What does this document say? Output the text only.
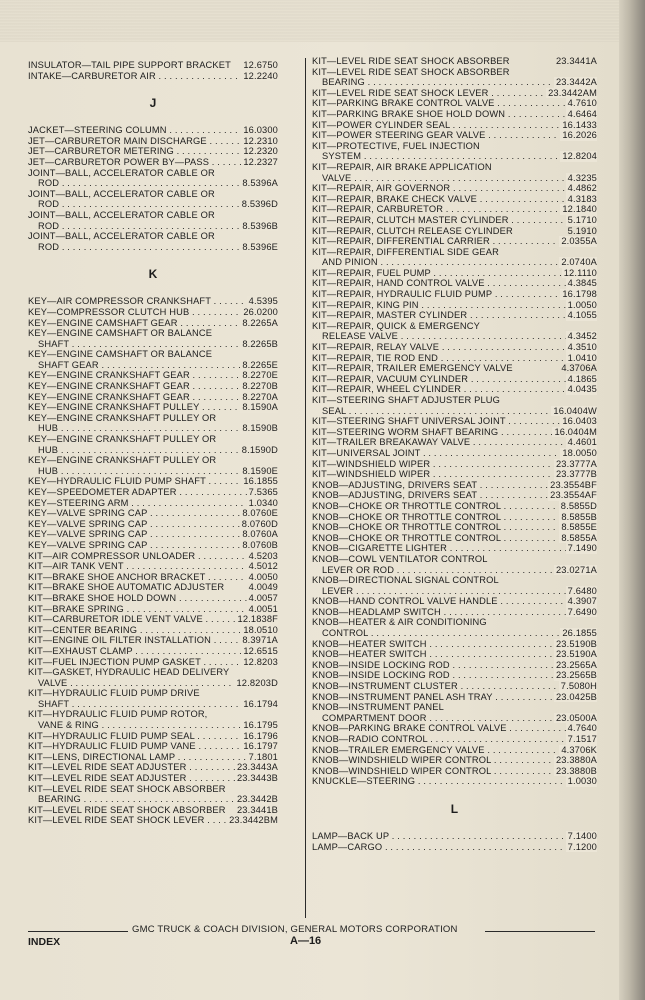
INSULATOR—TAIL PIPE SUPPORT BRACKET 12.6750
INTAKE—CARBURETOR AIR . . .	12.2240
J
JACKET—STEERING COLUMN . . .	16.0300
JET—CARBURETOR MAIN DISCHARGE . . .	12.2310
JET—CARBURETOR METERING . . .	12.2320
JET—CARBURETOR POWER BY—PASS . . .	12.2327
JOINT—BALL, ACCELERATOR CABLE OR
ROD . . .	8.5396A
JOINT—BALL, ACCELERATOR CABLE OR
ROD . . .	8.5396D
JOINT—BALL, ACCELERATOR CABLE OR
ROD . . .	8.5396B
JOINT—BALL, ACCELERATOR CABLE OR
ROD . . .	8.5396E
K
KEY—AIR COMPRESSOR CRANKSHAFT . . .	4.5395
KEY—COMPRESSOR CLUTCH HUB . . .	26.0200
KEY—ENGINE CAMSHAFT GEAR . . .	8.2265A
KEY—ENGINE CAMSHAFT OR BALANCE
SHAFT . . .	8.2265B
KEY—ENGINE CAMSHAFT OR BALANCE
SHAFT GEAR . . .	8.2265E
KEY—ENGINE CRANKSHAFT GEAR . . .	8.2270E
KEY—ENGINE CRANKSHAFT GEAR . . .	8.2270B
KEY—ENGINE CRANKSHAFT GEAR . . .	8.2270A
KEY—ENGINE CRANKSHAFT PULLEY . . .	8.1590A
KEY—ENGINE CRANKSHAFT PULLEY OR
HUB . . .	8.1590B
KEY—ENGINE CRANKSHAFT PULLEY OR
HUB . . .	8.1590D
KEY—ENGINE CRANKSHAFT PULLEY OR
HUB . . .	8.1590E
KEY—HYDRAULIC FLUID PUMP SHAFT . . .	16.1855
KEY—SPEEDOMETER ADAPTER . . .	7.5365
KEY—STEERING ARM . . .	1.0340
KEY—VALVE SPRING CAP . . .	8.0760E
KEY—VALVE SPRING CAP . . .	8.0760D
KEY—VALVE SPRING CAP . . .	8.0760A
KEY—VALVE SPRING CAP . . .	8.0760B
KIT—AIR COMPRESSOR UNLOADER . . .	4.5203
KIT—AIR TANK VENT . . .	4.5012
KIT—BRAKE SHOE ANCHOR BRACKET . . .	4.0050
KIT—BRAKE SHOE AUTOMATIC ADJUSTER	4.0049
KIT—BRAKE SHOE HOLD DOWN . . .	4.0057
KIT—BRAKE SPRING . . .	4.0051
KIT—CARBURETOR IDLE VENT VALVE . . .	12.1838F
KIT—CENTER BEARING . . .	18.0510
KIT—ENGINE OIL FILTER INSTALLATION . . .	8.3971A
KIT—EXHAUST CLAMP . . .	12.6515
KIT—FUEL INJECTION PUMP GASKET . . .	12.8203
KIT—GASKET, HYDRAULIC HEAD DELIVERY
VALVE . . .	12.8203D
KIT—HYDRAULIC FLUID PUMP DRIVE
SHAFT . . .	16.1794
KIT—HYDRAULIC FLUID PUMP ROTOR,
VANE & RING . . .	16.1795
KIT—HYDRAULIC FLUID PUMP SEAL . . .	16.1796
KIT—HYDRAULIC FLUID PUMP VANE . . .	16.1797
KIT—LENS, DIRECTIONAL LAMP . . .	7.1801
KIT—LEVEL RIDE SEAT ADJUSTER . . .	23.3443A
KIT—LEVEL RIDE SEAT ADJUSTER . . .	23.3443B
KIT—LEVEL RIDE SEAT SHOCK ABSORBER
BEARING . . .	23.3442B
KIT—LEVEL RIDE SEAT SHOCK ABSORBER 23.3441B
KIT—LEVEL RIDE SEAT SHOCK LEVER . . .	23.3442BM
KIT—LEVEL RIDE SEAT SHOCK ABSORBER	23.3441A
KIT—LEVEL RIDE SEAT SHOCK ABSORBER
BEARING . . .	23.3442A
KIT—LEVEL RIDE SEAT SHOCK LEVER . . .	23.3442AM
KIT—PARKING BRAKE CONTROL VALVE . . .	4.7610
KIT—PARKING BRAKE SHOE HOLD DOWN . . .	4.6464
KIT—POWER CYLINDER SEAL . . .	16.1433
KIT—POWER STEERING GEAR VALVE . . .	16.2026
KIT—PROTECTIVE, FUEL INJECTION
SYSTEM . . .	12.8204
KIT—REPAIR, AIR BRAKE APPLICATION
VALVE . . .	4.3235
KIT—REPAIR, AIR GOVERNOR . . .	4.4862
KIT—REPAIR, BRAKE CHECK VALVE . . .	4.3183
KIT—REPAIR, CARBURETOR . . .	12.1840
KIT—REPAIR, CLUTCH MASTER CYLINDER . . .	5.1710
KIT—REPAIR, CLUTCH RELEASE CYLINDER	5.1910
KIT—REPAIR, DIFFERENTIAL CARRIER . . .	2.0355A
KIT—REPAIR, DIFFERENTIAL SIDE GEAR
AND PINION . . .	2.0740A
KIT—REPAIR, FUEL PUMP . . .	12.1110
KIT—REPAIR, HAND CONTROL VALVE . . .	4.3845
KIT—REPAIR, HYDRAULIC FLUID PUMP . . .	16.1798
KIT—REPAIR, KING PIN . . .	1.0050
KIT—REPAIR, MASTER CYLINDER . . .	4.1055
KIT—REPAIR, QUICK & EMERGENCY
RELEASE VALVE . . .	4.3452
KIT—REPAIR, RELAY VALVE . . .	4.3510
KIT—REPAIR, TIE ROD END . . .	1.0410
KIT—REPAIR, TRAILER EMERGENCY VALVE	4.3706A
KIT—REPAIR, VACUUM CYLINDER . . .	4.1865
KIT—REPAIR, WHEEL CYLINDER . . .	4.0435
KIT—STEERING SHAFT ADJUSTER PLUG
SEAL . . .	16.0404W
KIT—STEERING SHAFT UNIVERSAL JOINT . . .	16.0403
KIT—STEERING WORM SHAFT BEARING . . .	16.0404M
KIT—TRAILER BREAKAWAY VALVE . . .	4.4601
KIT—UNIVERSAL JOINT . . .	18.0050
KIT—WINDSHIELD WIPER . . .	23.3777A
KIT—WINDSHIELD WIPER . . .	23.3777B
KNOB—ADJUSTING, DRIVERS SEAT . . .	23.3554BF
KNOB—ADJUSTING, DRIVERS SEAT . . .	23.3554AF
KNOB—CHOKE OR THROTTLE CONTROL . . .	8.5855D
KNOB—CHOKE OR THROTTLE CONTROL . . .	8.5855B
KNOB—CHOKE OR THROTTLE CONTROL . . .	8.5855E
KNOB—CHOKE OR THROTTLE CONTROL . . .	8.5855A
KNOB—CIGARETTE LIGHTER . . .	7.1490
KNOB—COWL VENTILATOR CONTROL
LEVER OR ROD . . .	23.0271A
KNOB—DIRECTIONAL SIGNAL CONTROL
LEVER . . .	7.6480
KNOB—HAND CONTROL VALVE HANDLE . . .	4.3907
KNOB—HEADLAMP SWITCH . . .	7.6490
KNOB—HEATER & AIR CONDITIONING
CONTROL . . .	26.1855
KNOB—HEATER SWITCH . . .	23.5190B
KNOB—HEATER SWITCH . . .	23.5190A
KNOB—INSIDE LOCKING ROD . . .	23.2565A
KNOB—INSIDE LOCKING ROD . . .	23.2565B
KNOB—INSTRUMENT CLUSTER . . .	7.5080H
KNOB—INSTRUMENT PANEL ASH TRAY . . .	23.0425B
KNOB—INSTRUMENT PANEL
COMPARTMENT DOOR . . .	23.0500A
KNOB—PARKING BRAKE CONTROL VALVE . . .	4.7640
KNOB—RADIO CONTROL . . .	7.1517
KNOB—TRAILER EMERGENCY VALVE . . .	4.3706K
KNOB—WINDSHIELD WIPER CONTROL . . .	23.3880A
KNOB—WINDSHIELD WIPER CONTROL . . .	23.3880B
KNUCKLE—STEERING . . .	1.0030
L
LAMP—BACK UP . . .	7.1400
LAMP—CARGO . . .	7.1200
GMC TRUCK & COACH DIVISION, GENERAL MOTORS CORPORATION
INDEX	A—16
